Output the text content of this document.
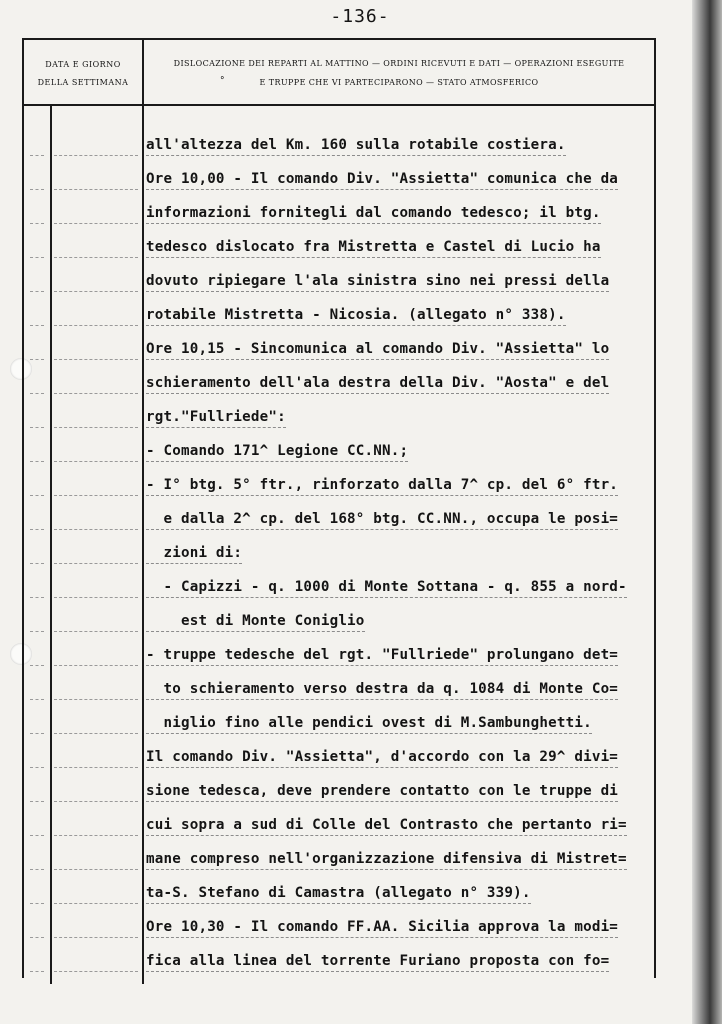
-136-
DATA E GIORNO
DELLA SETTIMANA
DISLOCAZIONE DEI REPARTI AL MATTINO — ORDINI RICEVUTI E DATI — OPERAZIONI ESEGUITE
°	E TRUPPE CHE VI PARTECIPARONO — STATO ATMOSFERICO
all'altezza del Km. 160 sulla rotabile costiera.
Ore 10,00 - Il comando Div. "Assietta" comunica che da
informazioni fornitegli dal comando tedesco; il btg.
tedesco dislocato fra Mistretta e Castel di Lucio ha
dovuto ripiegare l'ala sinistra sino nei pressi della
rotabile Mistretta - Nicosia. (allegato n° 338).
Ore 10,15 - Sincomunica al comando Div. "Assietta" lo
schieramento dell'ala destra della Div. "Aosta" e del
rgt."Fullriede":
- Comando 171^ Legione CC.NN.;
- I° btg. 5° ftr., rinforzato dalla 7^ cp. del 6° ftr.
e dalla 2^ cp. del 168° btg. CC.NN., occupa le posi=
zioni di:
- Capizzi - q. 1000 di Monte Sottana - q. 855 a nord-
est di Monte Coniglio
- truppe tedesche del rgt. "Fullriede" prolungano det=
to schieramento verso destra da q. 1084 di Monte Co=
niglio fino alle pendici ovest di M.Sambunghetti.
Il comando Div. "Assietta", d'accordo con la 29^ divi=
sione tedesca, deve prendere contatto con le truppe di
cui sopra a sud di Colle del Contrasto che pertanto ri=
mane compreso nell'organizzazione difensiva di Mistret=
ta-S. Stefano di Camastra (allegato n° 339).
Ore 10,30 - Il comando FF.AA. Sicilia approva la modi=
fica alla linea del torrente Furiano proposta con fo=
